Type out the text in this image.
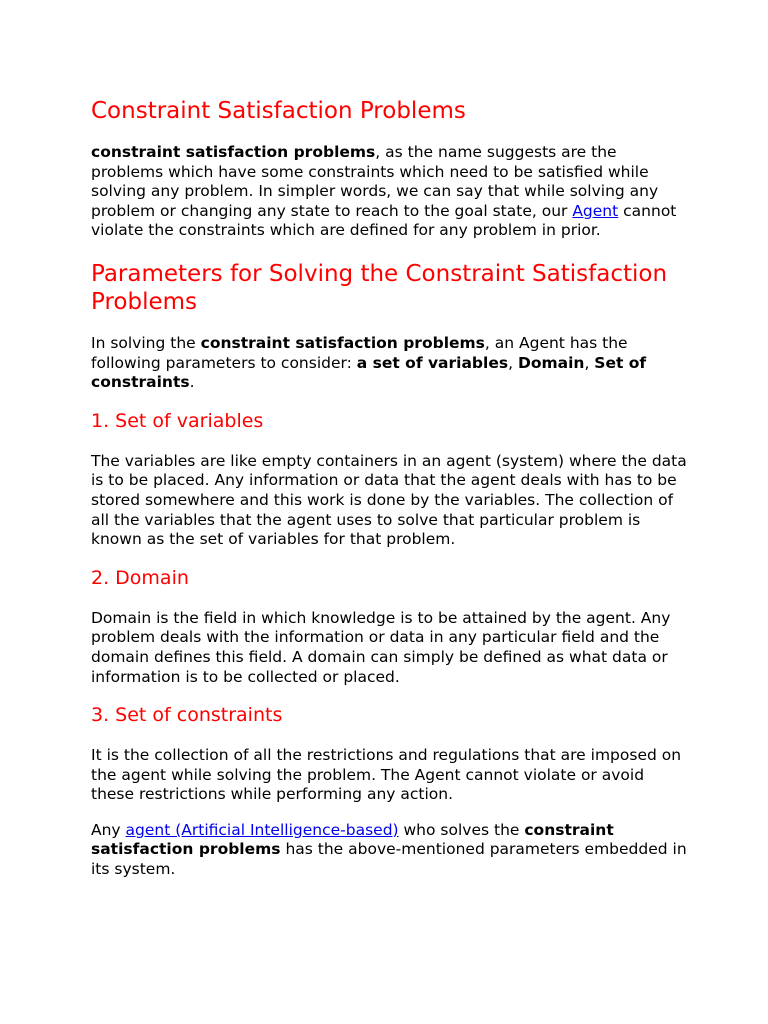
Constraint Satisfaction Problems

constraint satisfaction problems, as the name suggests are the problems which have some constraints which need to be satisfied while solving any problem. In simpler words, we can say that while solving any problem or changing any state to reach to the goal state, our Agent cannot violate the constraints which are defined for any problem in prior.

Parameters for Solving the Constraint Satisfaction Problems

In solving the constraint satisfaction problems, an Agent has the following parameters to consider: a set of variables, Domain, Set of constraints.

1. Set of variables

The variables are like empty containers in an agent (system) where the data is to be placed. Any information or data that the agent deals with has to be stored somewhere and this work is done by the variables. The collection of all the variables that the agent uses to solve that particular problem is known as the set of variables for that problem.

2. Domain

Domain is the field in which knowledge is to be attained by the agent. Any problem deals with the information or data in any particular field and the domain defines this field. A domain can simply be defined as what data or information is to be collected or placed.

3. Set of constraints

It is the collection of all the restrictions and regulations that are imposed on the agent while solving the problem. The Agent cannot violate or avoid these restrictions while performing any action.

Any agent (Artificial Intelligence-based) who solves the constraint satisfaction problems has the above-mentioned parameters embedded in its system.
